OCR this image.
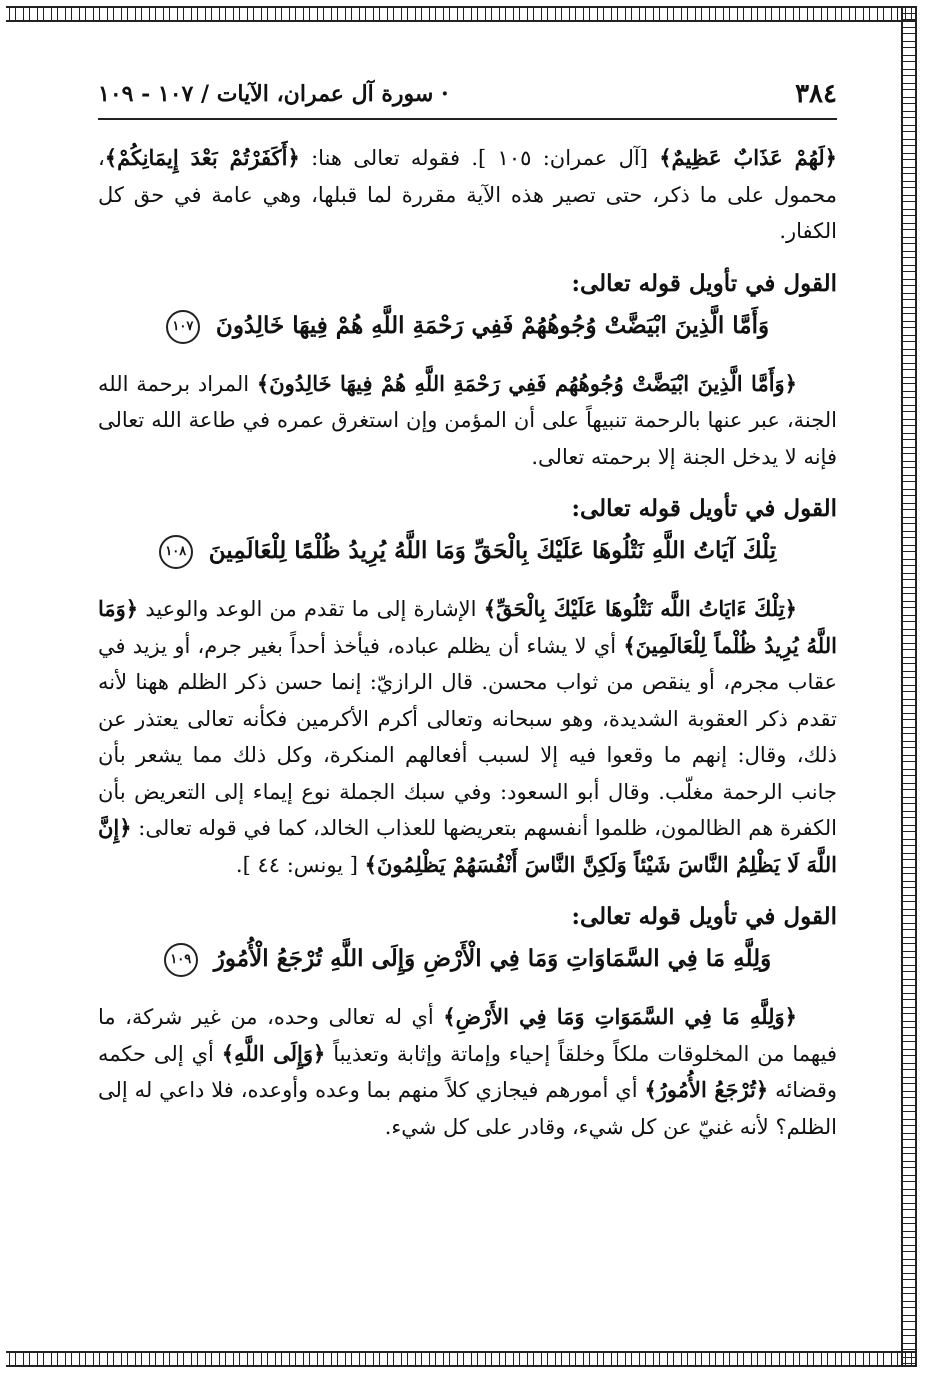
٣٨٤
· سورة آل عمران، الآيات / ١٠٧ - ١٠٩

﴿لَهُمْ عَذَابٌ عَظِيمٌ﴾ [آل عمران: ١٠٥ ]. فقوله تعالى هنا: ﴿أَكَفَرْتُمْ بَعْدَ إِيمَانِكُمْ﴾، محمول على ما ذكر، حتى تصير هذه الآية مقررة لما قبلها، وهي عامة في حق كل الكفار.

القول في تأويل قوله تعالى:
وَأَمَّا الَّذِينَ ابْيَضَّتْ وُجُوهُهُمْ فَفِي رَحْمَةِ اللَّهِ هُمْ فِيهَا خَالِدُونَ ١٠٧

﴿وَأَمَّا الَّذِينَ ابْيَضَّتْ وُجُوهُهُم فَفِي رَحْمَةِ اللَّهِ هُمْ فِيهَا خَالِدُونَ﴾ المراد برحمة الله الجنة، عبر عنها بالرحمة تنبيهاً على أن المؤمن وإن استغرق عمره في طاعة الله تعالى فإنه لا يدخل الجنة إلا برحمته تعالى.

القول في تأويل قوله تعالى:
تِلْكَ آيَاتُ اللَّهِ نَتْلُوهَا عَلَيْكَ بِالْحَقِّ وَمَا اللَّهُ يُرِيدُ ظُلْمًا لِلْعَالَمِينَ ١٠٨

﴿تِلْكَ ءَايَاتُ اللَّه نَتْلُوهَا عَلَيْكَ بِالْحَقِّ﴾ الإشارة إلى ما تقدم من الوعد والوعيد ﴿وَمَا اللَّهُ يُرِيدُ ظُلْماً لِلْعَالَمِينَ﴾ أي لا يشاء أن يظلم عباده، فيأخذ أحداً بغير جرم، أو يزيد في عقاب مجرم، أو ينقص من ثواب محسن. قال الرازيّ: إنما حسن ذكر الظلم ههنا لأنه تقدم ذكر العقوبة الشديدة، وهو سبحانه وتعالى أكرم الأكرمين فكأنه تعالى يعتذر عن ذلك، وقال: إنهم ما وقعوا فيه إلا لسبب أفعالهم المنكرة، وكل ذلك مما يشعر بأن جانب الرحمة مغلّب. وقال أبو السعود: وفي سبك الجملة نوع إيماء إلى التعريض بأن الكفرة هم الظالمون، ظلموا أنفسهم بتعريضها للعذاب الخالد، كما في قوله تعالى: ﴿إِنَّ اللَّهَ لَا يَظْلِمُ النَّاسَ شَيْئاً وَلَكِنَّ النَّاسَ أَنْفُسَهُمْ يَظْلِمُونَ﴾ [ يونس: ٤٤ ].

القول في تأويل قوله تعالى:
وَلِلَّهِ مَا فِي السَّمَاوَاتِ وَمَا فِي الْأَرْضِ وَإِلَى اللَّهِ تُرْجَعُ الْأُمُورُ ١٠٩

﴿وَلِلَّهِ مَا فِي السَّمَوَاتِ وَمَا فِي الأَرْضِ﴾ أي له تعالى وحده، من غير شركة، ما فيهما من المخلوقات ملكاً وخلقاً إحياء وإماتة وإثابة وتعذيباً ﴿وَإِلَى اللَّهِ﴾ أي إلى حكمه وقضائه ﴿تُرْجَعُ الأُمُورُ﴾ أي أمورهم فيجازي كلاً منهم بما وعده وأوعده، فلا داعي له إلى الظلم؟ لأنه غنيّ عن كل شيء، وقادر على كل شيء.
